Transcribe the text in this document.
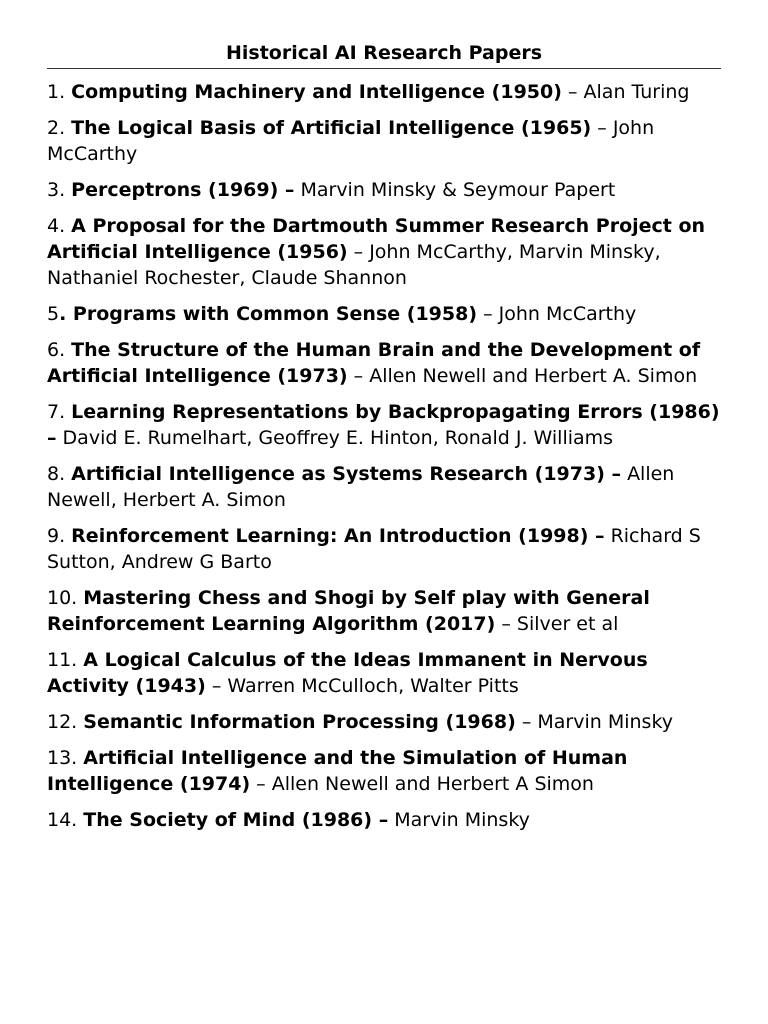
Historical AI Research Papers
1. Computing Machinery and Intelligence (1950) – Alan Turing
2. The Logical Basis of Artificial Intelligence (1965) – John McCarthy
3. Perceptrons (1969) – Marvin Minsky & Seymour Papert
4. A Proposal for the Dartmouth Summer Research Project on Artificial Intelligence (1956) – John McCarthy, Marvin Minsky, Nathaniel Rochester, Claude Shannon
5. Programs with Common Sense (1958) – John McCarthy
6. The Structure of the Human Brain and the Development of Artificial Intelligence (1973) – Allen Newell and Herbert A. Simon
7. Learning Representations by Backpropagating Errors (1986) – David E. Rumelhart, Geoffrey E. Hinton, Ronald J. Williams
8. Artificial Intelligence as Systems Research (1973) – Allen Newell, Herbert A. Simon
9. Reinforcement Learning: An Introduction (1998) – Richard S Sutton, Andrew G Barto
10. Mastering Chess and Shogi by Self play with General Reinforcement Learning Algorithm (2017) – Silver et al
11. A Logical Calculus of the Ideas Immanent in Nervous Activity (1943) – Warren McCulloch, Walter Pitts
12. Semantic Information Processing (1968) – Marvin Minsky
13. Artificial Intelligence and the Simulation of Human Intelligence (1974) – Allen Newell and Herbert A Simon
14. The Society of Mind (1986) – Marvin Minsky
